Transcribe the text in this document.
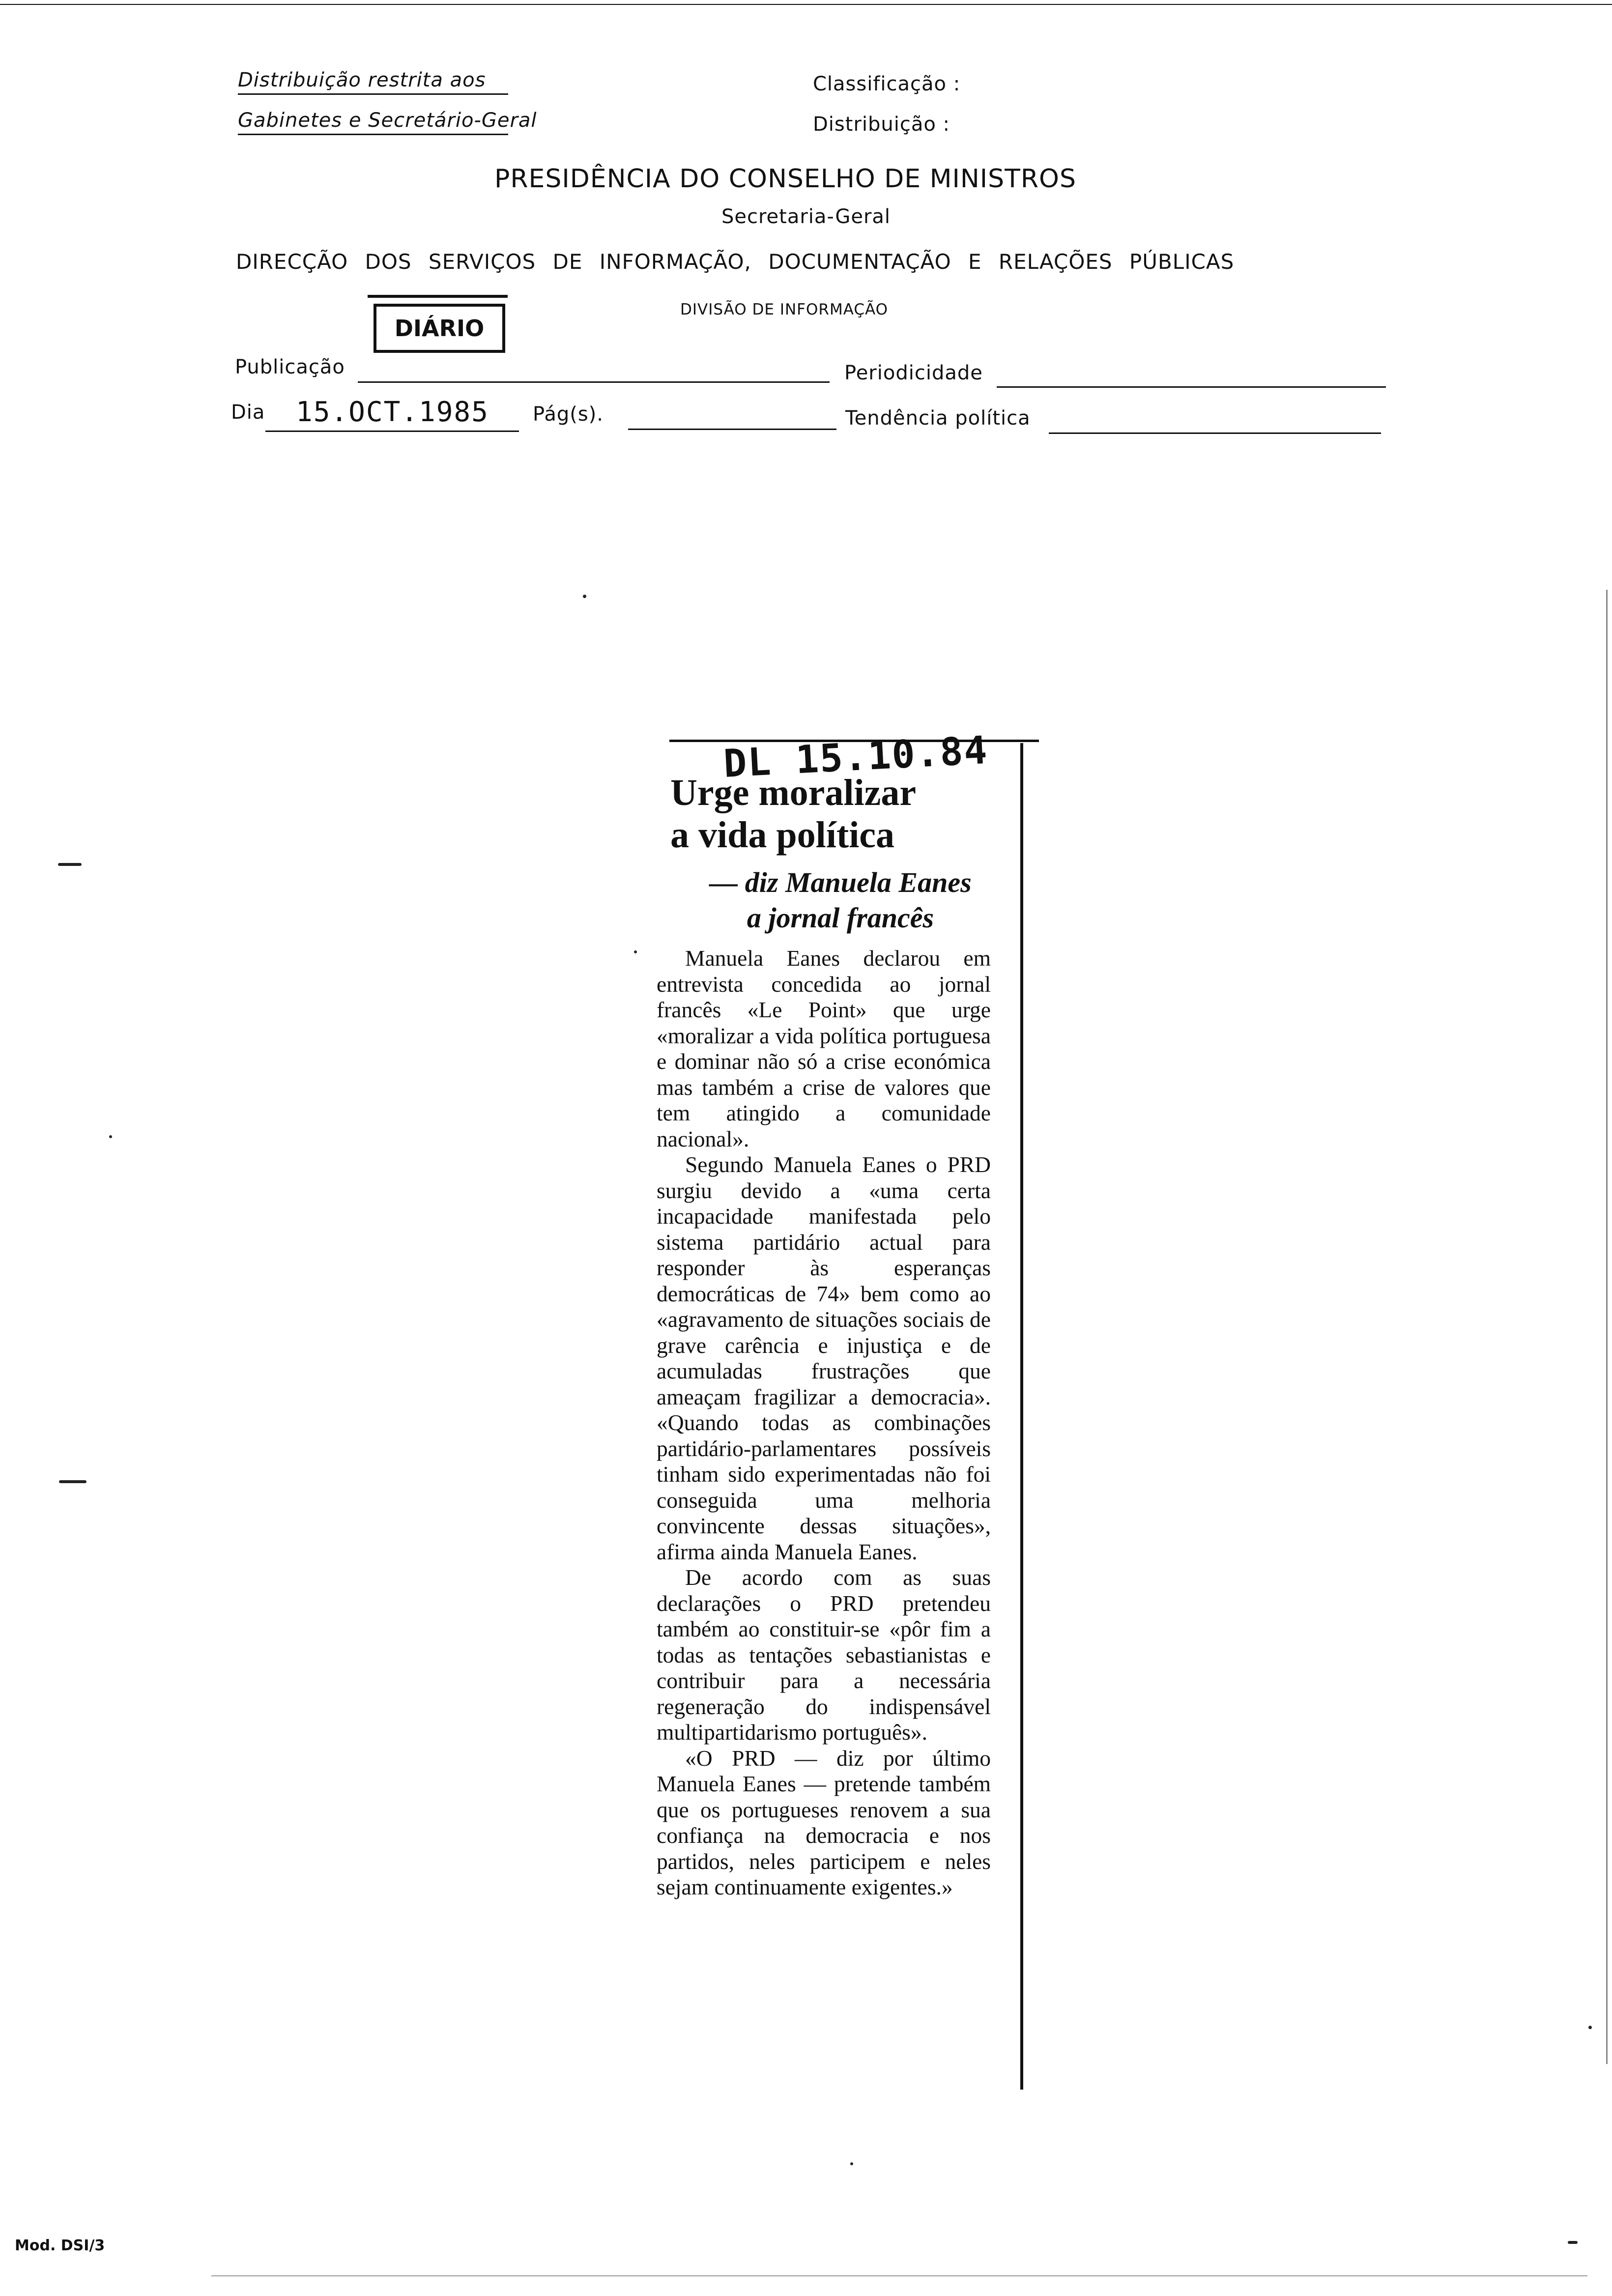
Distribuição restrita aos
Gabinetes e Secretário-Geral
Classificação :
Distribuição :
PRESIDÊNCIA DO CONSELHO DE MINISTROS
Secretaria-Geral
DIRECÇÃO DOS SERVIÇOS DE INFORMAÇÃO, DOCUMENTAÇÃO E RELAÇÕES PÚBLICAS
DIVISÃO DE INFORMAÇÃO
DIÁRIO
Publicação	Periodicidade
Dia 15.OCT.1985 Pág(s).	Tendência política
Urge moralizar
a vida política
DL 15.10.84
— diz Manuela Eanes
a jornal francês

Manuela Eanes declarou em entrevista concedida ao jornal francês «Le Point» que urge «moralizar a vida política portuguesa e dominar não só a crise económica mas também a crise de valores que tem atingido a comunidade nacional».

Segundo Manuela Eanes o PRD surgiu devido a «uma certa incapacidade manifestada pelo sistema partidário actual para responder às esperanças democráticas de 74» bem como ao «agravamento de situações sociais de grave carência e injustiça e de acumuladas frustrações que ameaçam fragilizar a democracia». «Quando todas as combinações partidário-parlamentares possíveis tinham sido experimentadas não foi conseguida uma melhoria convincente dessas situações», afirma ainda Manuela Eanes.

De acordo com as suas declarações o PRD pretendeu também ao constituir-se «pôr fim a todas as tentações sebastianistas e contribuir para a necessária regeneração do indispensável multipartidarismo português».

«O PRD — diz por último Manuela Eanes — pretende também que os portugueses renovem a sua confiança na democracia e nos partidos, neles participem e neles sejam continuamente exigentes.»

Mod. DSI/3
